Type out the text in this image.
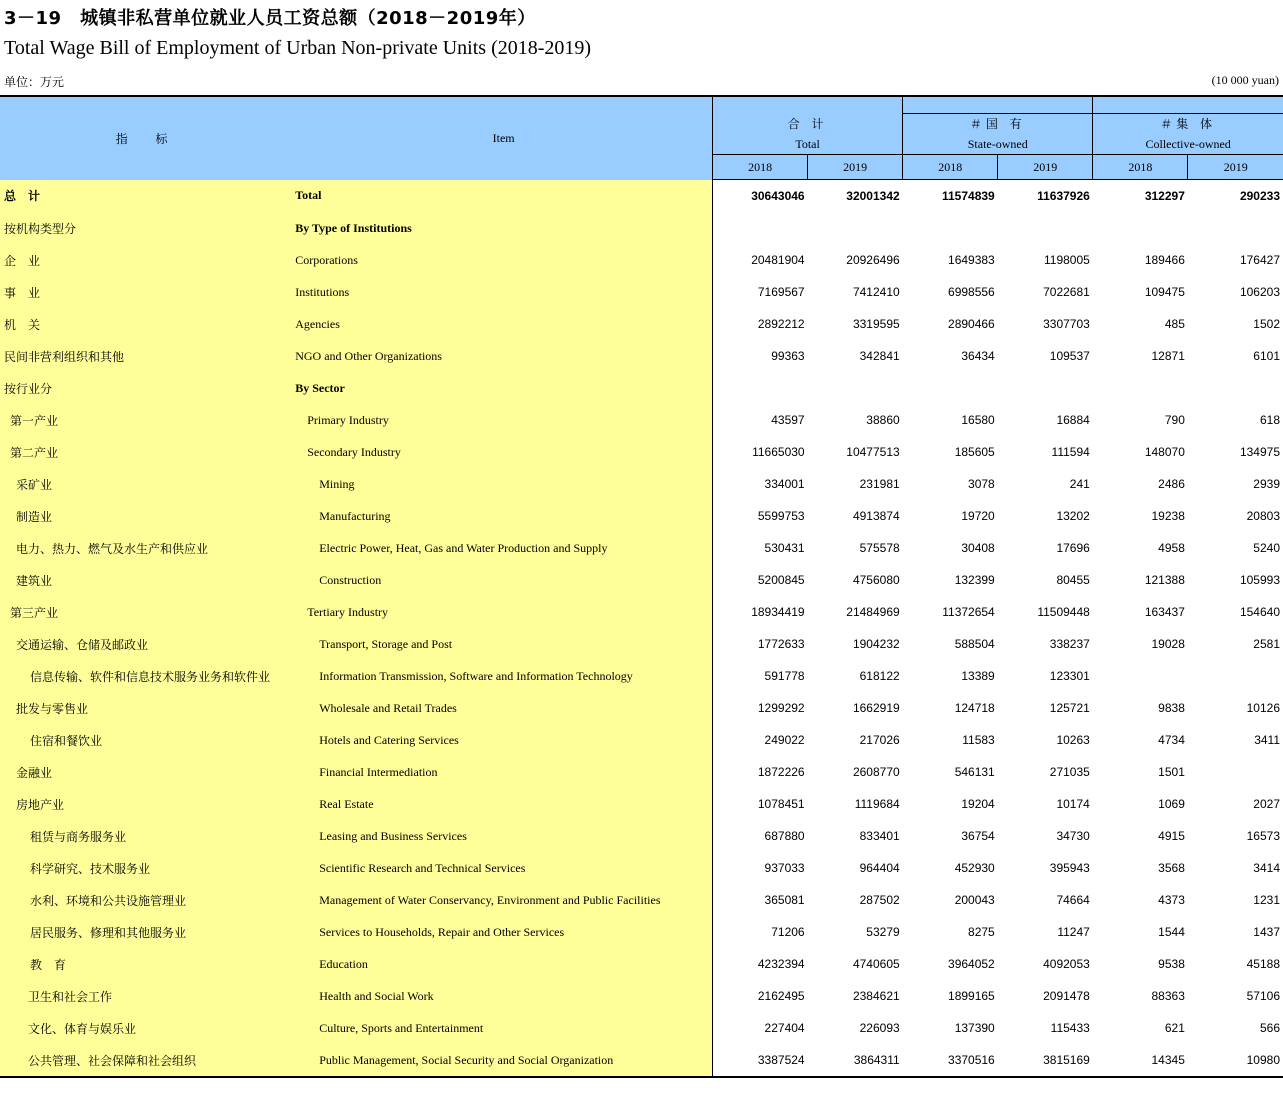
3－19　城镇非私营单位就业人员工资总额（2018－2019年）
Total Wage Bill of Employment of Urban Non-private Units (2018-2019)
单位：万元	(10 000 yuan)
指 标	Item	合 计
Total		＃国 有
State-owned		＃集 体
Collective-owned	

		2018	2019	2018	2019	2018	2019
总　计	Total	30643046	32001342	11574839	11637926	312297	290233
按机构类型分	By Type of Institutions						
企　业	Corporations	20481904	20926496	1649383	1198005	189466	176427
事　业	Institutions	7169567	7412410	6998556	7022681	109475	106203
机　关	Agencies	2892212	3319595	2890466	3307703	485	1502
民间非营利组织和其他	NGO and Other Organizations	99363	342841	36434	109537	12871	6101
按行业分	By Sector						
第一产业	Primary Industry	43597	38860	16580	16884	790	618
第二产业	Secondary Industry	11665030	10477513	185605	111594	148070	134975
采矿业	Mining	334001	231981	3078	241	2486	2939
制造业	Manufacturing	5599753	4913874	19720	13202	19238	20803
电力、热力、燃气及水生产和供应业	Electric Power, Heat, Gas and Water Production and Supply	530431	575578	30408	17696	4958	5240
建筑业	Construction	5200845	4756080	132399	80455	121388	105993
第三产业	Tertiary Industry	18934419	21484969	11372654	11509448	163437	154640
交通运输、仓储及邮政业	Transport, Storage and Post	1772633	1904232	588504	338237	19028	2581
信息传输、软件和信息技术服务业务和软件业	Information Transmission, Software and Information Technology	591778	618122	13389	123301		
批发与零售业	Wholesale and Retail Trades	1299292	1662919	124718	125721	9838	10126
住宿和餐饮业	Hotels and Catering Services	249022	217026	11583	10263	4734	3411
金融业	Financial Intermediation	1872226	2608770	546131	271035	1501	
房地产业	Real Estate	1078451	1119684	19204	10174	1069	2027
租赁与商务服务业	Leasing and Business Services	687880	833401	36754	34730	4915	16573
科学研究、技术服务业	Scientific Research and Technical Services	937033	964404	452930	395943	3568	3414
水利、环境和公共设施管理业	Management of Water Conservancy, Environment and Public Facilities	365081	287502	200043	74664	4373	1231
居民服务、修理和其他服务业	Services to Households, Repair and Other Services	71206	53279	8275	11247	1544	1437
教　育	Education	4232394	4740605	3964052	4092053	9538	45188
卫生和社会工作	Health and Social Work	2162495	2384621	1899165	2091478	88363	57106
文化、体育与娱乐业	Culture, Sports and Entertainment	227404	226093	137390	115433	621	566
公共管理、社会保障和社会组织	Public Management, Social Security and Social Organization	3387524	3864311	3370516	3815169	14345	10980
